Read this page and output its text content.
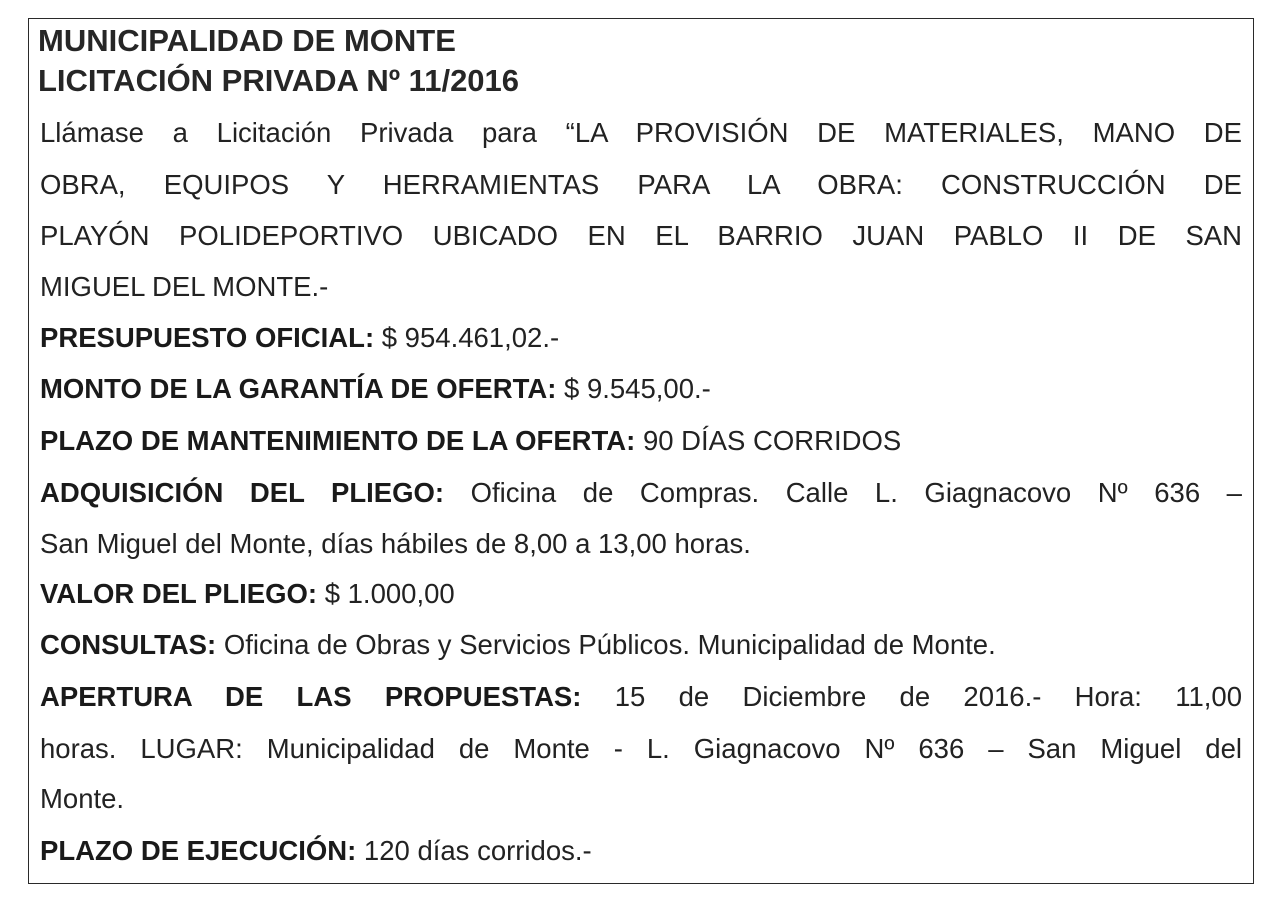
MUNICIPALIDAD DE MONTE
LICITACIÓN PRIVADA Nº 11/2016
Llámase a Licitación Privada para “LA PROVISIÓN DE MATERIALES, MANO DE
OBRA, EQUIPOS Y HERRAMIENTAS PARA LA OBRA: CONSTRUCCIÓN DE
PLAYÓN POLIDEPORTIVO UBICADO EN EL BARRIO JUAN PABLO II DE SAN
MIGUEL DEL MONTE.-
PRESUPUESTO OFICIAL: $ 954.461,02.-
MONTO DE LA GARANTÍA DE OFERTA: $ 9.545,00.-
PLAZO DE MANTENIMIENTO DE LA OFERTA: 90 DÍAS CORRIDOS
ADQUISICIÓN DEL PLIEGO: Oficina de Compras. Calle L. Giagnacovo Nº 636 –
San Miguel del Monte, días hábiles de 8,00 a 13,00 horas.
VALOR DEL PLIEGO: $ 1.000,00
CONSULTAS: Oficina de Obras y Servicios Públicos. Municipalidad de Monte.
APERTURA DE LAS PROPUESTAS: 15 de Diciembre de 2016.- Hora: 11,00
horas. LUGAR: Municipalidad de Monte - L. Giagnacovo Nº 636 – San Miguel del
Monte.
PLAZO DE EJECUCIÓN: 120 días corridos.-
